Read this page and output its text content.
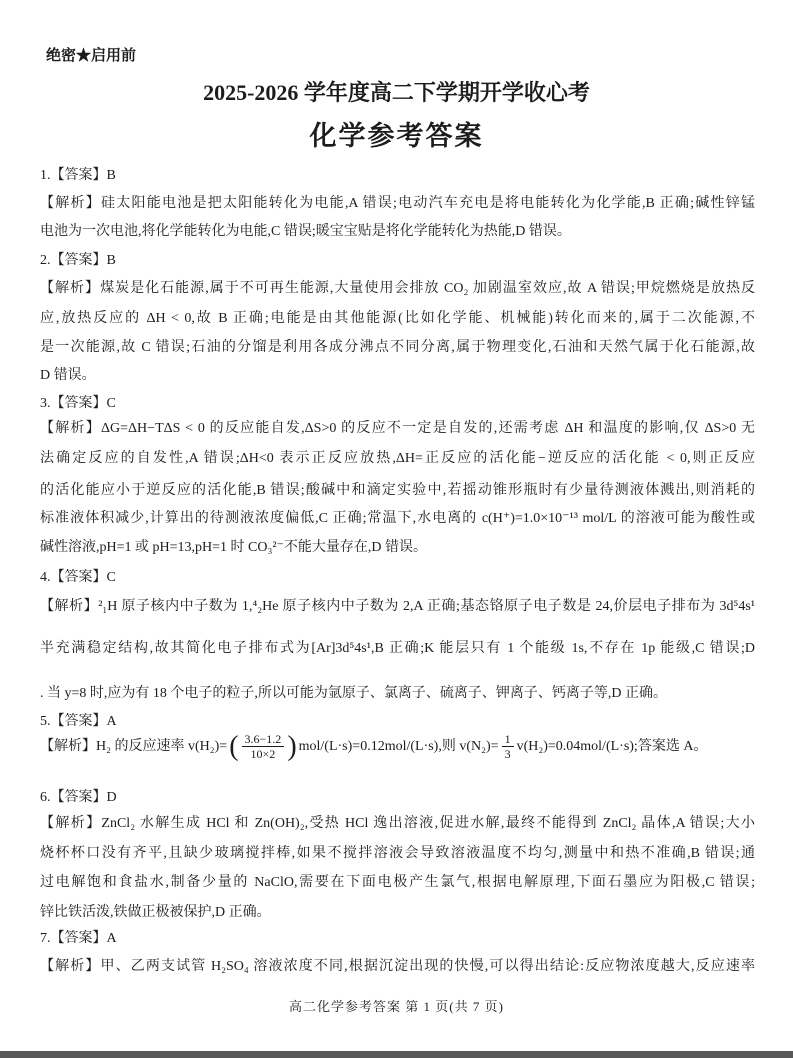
绝密★启用前
2025-2026 学年度高二下学期开学收心考
化学参考答案
1.【答案】B
【解析】硅太阳能电池是把太阳能转化为电能,A 错误;电动汽车充电是将电能转化为化学能,B 正确;碱性锌锰
电池为一次电池,将化学能转化为电能,C 错误;暖宝宝贴是将化学能转化为热能,D 错误。
2.【答案】B
【解析】煤炭是化石能源,属于不可再生能源,大量使用会排放 CO₂ 加剧温室效应,故 A 错误;甲烷燃烧是放热反
应,放热反应的 ΔH < 0,故 B 正确;电能是由其他能源(比如化学能、机械能)转化而来的,属于二次能源,不
是一次能源,故 C 错误;石油的分馏是利用各成分沸点不同分离,属于物理变化,石油和天然气属于化石能源,故
D 错误。
3.【答案】C
【解析】ΔG=ΔH−TΔS < 0 的反应能自发,ΔS>0 的反应不一定是自发的,还需考虑 ΔH 和温度的影响,仅 ΔS>0 无
法确定反应的自发性,A 错误;ΔH<0 表示正反应放热,ΔH=正反应的活化能−逆反应的活化能 < 0,则正反应
的活化能应小于逆反应的活化能,B 错误;酸碱中和滴定实验中,若摇动锥形瓶时有少量待测液体溅出,则消耗的
标准液体积减少,计算出的待测液浓度偏低,C 正确;常温下,水电离的 c(H⁺)=1.0×10⁻¹³ mol/L 的溶液可能为酸性或
碱性溶液,pH=1 或 pH=13,pH=1 时 CO₃²⁻不能大量存在,D 错误。
4.【答案】C
【解析】²₁H 原子核内中子数为 1,⁴₂He 原子核内中子数为 2,A 正确;基态铬原子电子数是 24,价层电子排布为 3d⁵4s¹
半充满稳定结构,故其简化电子排布式为[Ar]3d⁵4s¹,B 正确;K 能层只有 1 个能级 1s,不存在 1p 能级,C 错误;D
. 当 y=8 时,应为有 18 个电子的粒子,所以可能为氩原子、氯离子、硫离子、钾离子、钙离子等,D 正确。
5.【答案】A
【解析】H₂ 的反应速率 v(H₂)= ( $\frac{3.6-1.2}{10\times 2}$ ) mol/(L·s)=0.12mol/(L·s),则 $v(N_2)= \frac{1}{3} v(H_2)=0.04mol/(L\cdot s)$;答案选 A。
6.【答案】D
【解析】ZnCl₂ 水解生成 HCl 和 Zn(OH)₂,受热 HCl 逸出溶液,促进水解,最终不能得到 ZnCl₂ 晶体,A 错误;大小
烧杯杯口没有齐平,且缺少玻璃搅拌棒,如果不搅拌溶液会导致溶液温度不均匀,测量中和热不准确,B 错误;通
过电解饱和食盐水,制备少量的 NaClO,需要在下面电极产生氯气,根据电解原理,下面石墨应为阳极,C 错误;
锌比铁活泼,铁做正极被保护,D 正确。
7.【答案】A
【解析】甲、乙两支试管 H₂SO₄ 溶液浓度不同,根据沉淀出现的快慢,可以得出结论:反应物浓度越大,反应速率
高二化学参考答案 第 1 页(共 7 页)
